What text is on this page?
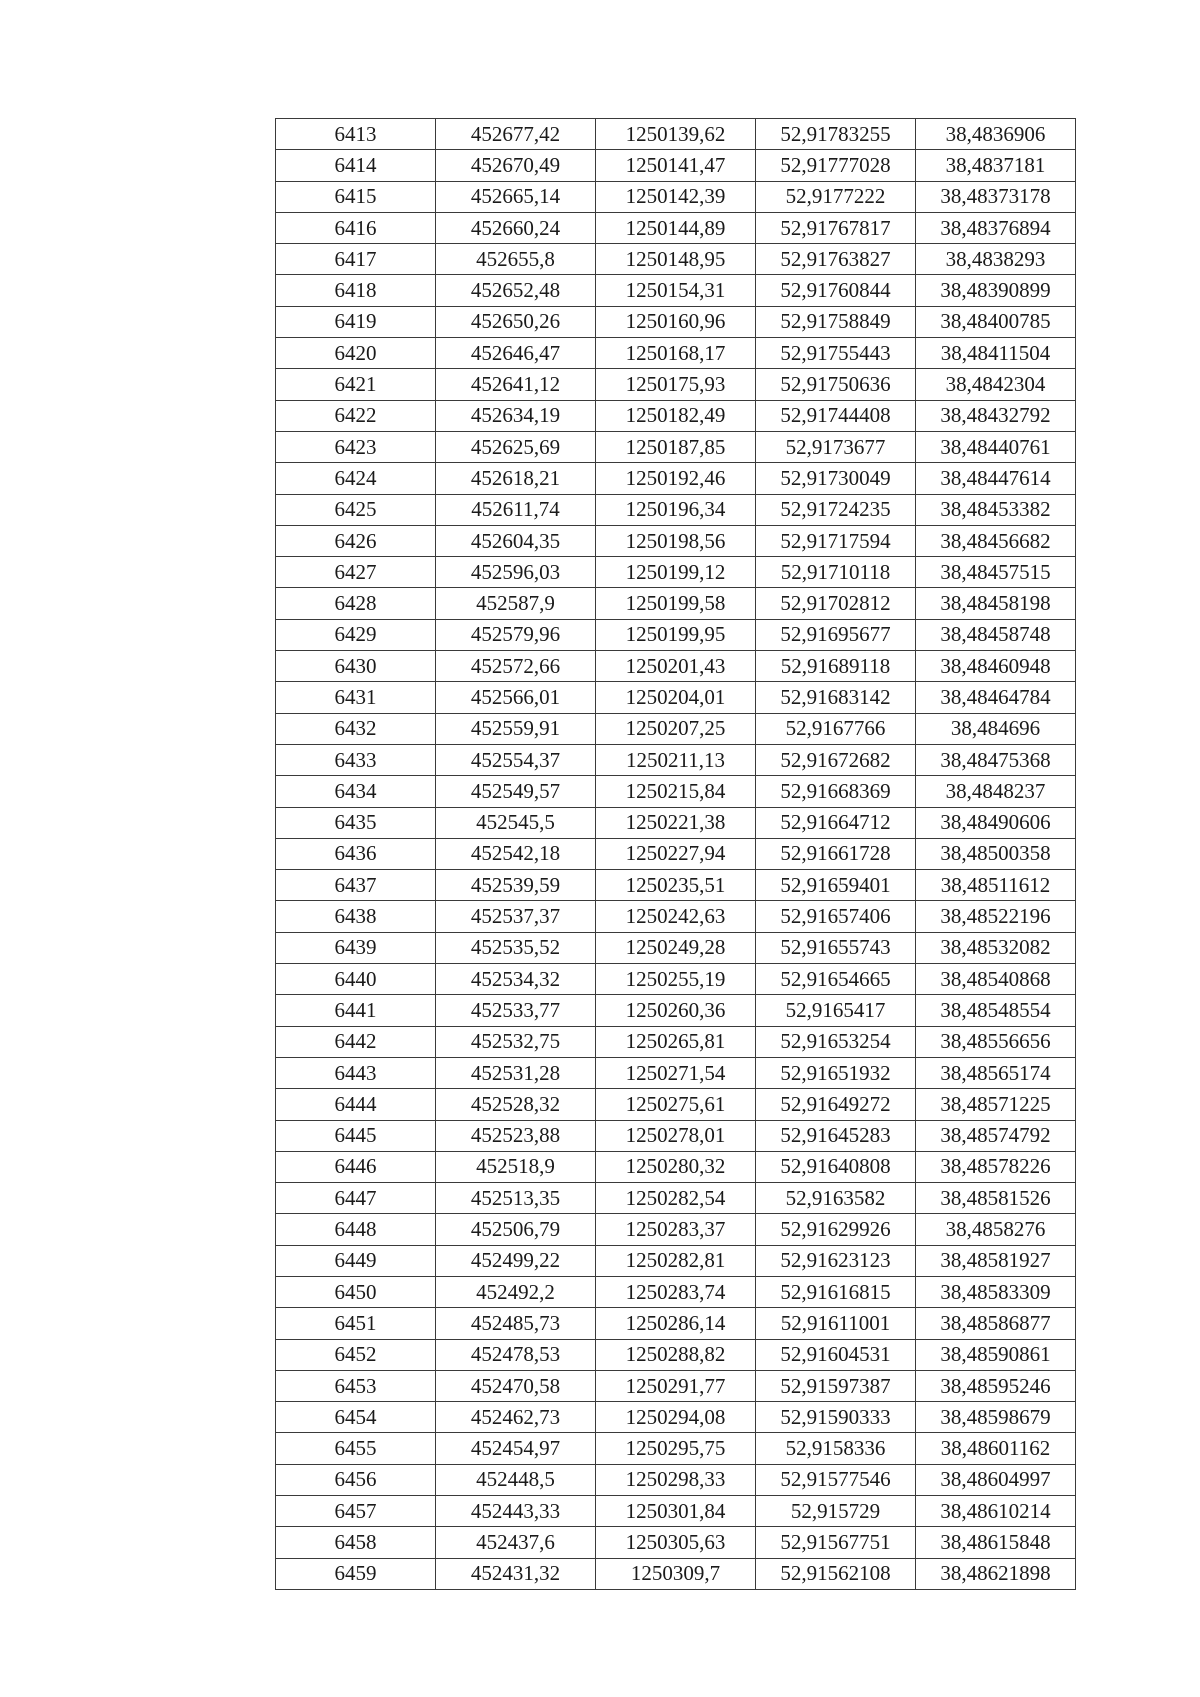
6413	452677,42	1250139,62	52,91783255	38,4836906
6414	452670,49	1250141,47	52,91777028	38,4837181
6415	452665,14	1250142,39	52,9177222	38,48373178
6416	452660,24	1250144,89	52,91767817	38,48376894
6417	452655,8	1250148,95	52,91763827	38,4838293
6418	452652,48	1250154,31	52,91760844	38,48390899
6419	452650,26	1250160,96	52,91758849	38,48400785
6420	452646,47	1250168,17	52,91755443	38,48411504
6421	452641,12	1250175,93	52,91750636	38,4842304
6422	452634,19	1250182,49	52,91744408	38,48432792
6423	452625,69	1250187,85	52,9173677	38,48440761
6424	452618,21	1250192,46	52,91730049	38,48447614
6425	452611,74	1250196,34	52,91724235	38,48453382
6426	452604,35	1250198,56	52,91717594	38,48456682
6427	452596,03	1250199,12	52,91710118	38,48457515
6428	452587,9	1250199,58	52,91702812	38,48458198
6429	452579,96	1250199,95	52,91695677	38,48458748
6430	452572,66	1250201,43	52,91689118	38,48460948
6431	452566,01	1250204,01	52,91683142	38,48464784
6432	452559,91	1250207,25	52,9167766	38,484696
6433	452554,37	1250211,13	52,91672682	38,48475368
6434	452549,57	1250215,84	52,91668369	38,4848237
6435	452545,5	1250221,38	52,91664712	38,48490606
6436	452542,18	1250227,94	52,91661728	38,48500358
6437	452539,59	1250235,51	52,91659401	38,48511612
6438	452537,37	1250242,63	52,91657406	38,48522196
6439	452535,52	1250249,28	52,91655743	38,48532082
6440	452534,32	1250255,19	52,91654665	38,48540868
6441	452533,77	1250260,36	52,9165417	38,48548554
6442	452532,75	1250265,81	52,91653254	38,48556656
6443	452531,28	1250271,54	52,91651932	38,48565174
6444	452528,32	1250275,61	52,91649272	38,48571225
6445	452523,88	1250278,01	52,91645283	38,48574792
6446	452518,9	1250280,32	52,91640808	38,48578226
6447	452513,35	1250282,54	52,9163582	38,48581526
6448	452506,79	1250283,37	52,91629926	38,4858276
6449	452499,22	1250282,81	52,91623123	38,48581927
6450	452492,2	1250283,74	52,91616815	38,48583309
6451	452485,73	1250286,14	52,91611001	38,48586877
6452	452478,53	1250288,82	52,91604531	38,48590861
6453	452470,58	1250291,77	52,91597387	38,48595246
6454	452462,73	1250294,08	52,91590333	38,48598679
6455	452454,97	1250295,75	52,9158336	38,48601162
6456	452448,5	1250298,33	52,91577546	38,48604997
6457	452443,33	1250301,84	52,915729	38,48610214
6458	452437,6	1250305,63	52,91567751	38,48615848
6459	452431,32	1250309,7	52,91562108	38,48621898
